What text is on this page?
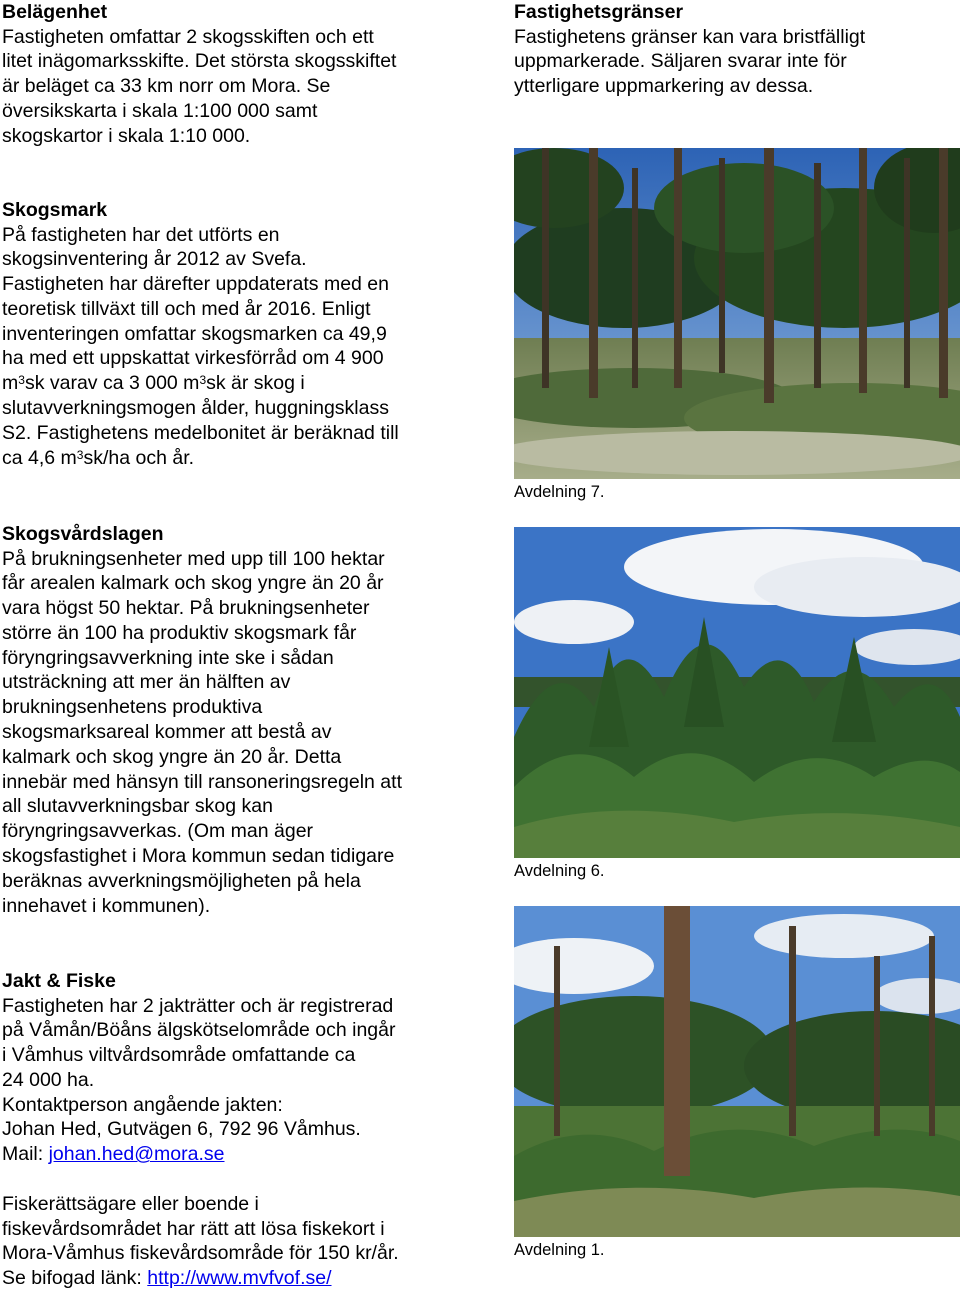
Belägenhet
Fastigheten omfattar 2 skogsskiften och ett
litet inägomarksskifte. Det största skogsskiftet
är beläget ca 33 km norr om Mora. Se
översikskarta i skala 1:100 000 samt
skogskartor i skala 1:10 000.
Skogsmark
På fastigheten har det utförts en
skogsinventering år 2012 av Svefa.
Fastigheten har därefter uppdaterats med en
teoretisk tillväxt till och med år 2016. Enligt
inventeringen omfattar skogsmarken ca 49,9
ha med ett uppskattat virkesförråd om 4 900
$m^3sk$ varav ca 3 000 $m^3sk$ är skog i
slutavverkningsmogen ålder, huggningsklass
S2. Fastighetens medelbonitet är beräknad till
ca 4,6 $m^3sk/ha$ och år.
Skogsvårdslagen
På brukningsenheter med upp till 100 hektar
får arealen kalmark och skog yngre än 20 år
vara högst 50 hektar. På brukningsenheter
större än 100 ha produktiv skogsmark får
föryngringsavverkning inte ske i sådan
utsträckning att mer än hälften av
brukningsenhetens produktiva
skogsmarksareal kommer att bestå av
kalmark och skog yngre än 20 år. Detta
innebär med hänsyn till ransoneringsregeln att
all slutavverkningsbar skog kan
föryngringsavverkas. (Om man äger
skogsfastighet i Mora kommun sedan tidigare
beräknas avverkningsmöjligheten på hela
innehavet i kommunen).
Jakt & Fiske
Fastigheten har 2 jakträtter och är registrerad
på Våmån/Böåns älgskötselområde och ingår
i Våmhus viltvårdsområde omfattande ca
24 000 ha.
Kontaktperson angående jakten:
Johan Hed, Gutvägen 6, 792 96 Våmhus.
Mail: johan.hed@mora.se
Fiskerättsägare eller boende i
fiskevårdsområdet har rätt att lösa fiskekort i
Mora-Våmhus fiskevårdsområde för 150 kr/år.
Se bifogad länk: http://www.mvfvof.se/
Fastighetsgränser
Fastighetens gränser kan vara bristfälligt
uppmarkerade. Säljaren svarar inte för
ytterligare uppmarkering av dessa.
Avdelning 7.
Avdelning 6.
Avdelning 1.
